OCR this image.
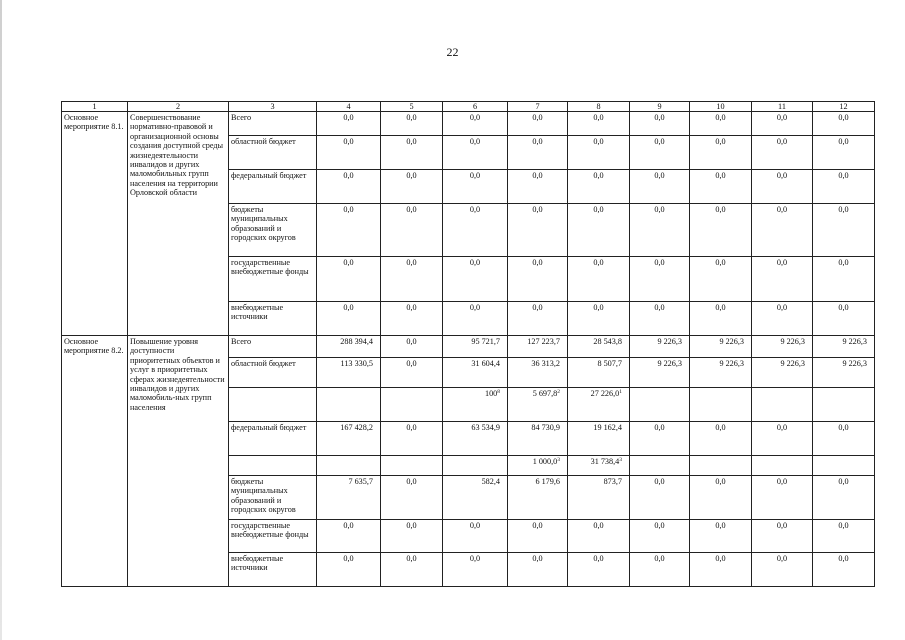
22
1	2	3	4	5	6	7	8	9	10	11	12
Основное мероприятие 8.1.	Совершенствование нормативно-правовой и организационной основы создания доступной среды жизнедеятельности инвалидов и других маломобильных групп населения на территории Орловской области	Всего	0,0	0,0	0,0	0,0	0,0	0,0	0,0	0,0	0,0
		областной бюджет	0,0	0,0	0,0	0,0	0,0	0,0	0,0	0,0	0,0
		федеральный бюджет	0,0	0,0	0,0	0,0	0,0	0,0	0,0	0,0	0,0
		бюджеты муниципальных образований и городских округов	0,0	0,0	0,0	0,0	0,0	0,0	0,0	0,0	0,0
		государственные внебюджетные фонды	0,0	0,0	0,0	0,0	0,0	0,0	0,0	0,0	0,0
		внебюджетные источники	0,0	0,0	0,0	0,0	0,0	0,0	0,0	0,0	0,0
Основное мероприятие 8.2.	Повышение уровня доступности приоритетных объектов и услуг в приоритетных сферах жизнедеятельности инвалидов и других маломобиль-ных групп населения	Всего	288 394,4	0,0	95 721,7	127 223,7	28 543,8	9 226,3	9 226,3	9 226,3	9 226,3
		областной бюджет	113 330,5	0,0	31 604,4	36 313,2	8 507,7	9 226,3	9 226,3	9 226,3	9 226,3
					$100^8$	5 697,8$^2$	27 226,0$^1$				
		федеральный бюджет	167 428,2	0,0	63 534,9	84 730,9	19 162,4	0,0	0,0	0,0	0,0
						1 000,0$^3$	31 738,4$^3$				
		бюджеты муниципальных образований и городских округов	7 635,7	0,0	582,4	6 179,6	873,7	0,0	0,0	0,0	0,0
		государственные внебюджетные фонды	0,0	0,0	0,0	0,0	0,0	0,0	0,0	0,0	0,0
		внебюджетные источники	0,0	0,0	0,0	0,0	0,0	0,0	0,0	0,0	0,0
